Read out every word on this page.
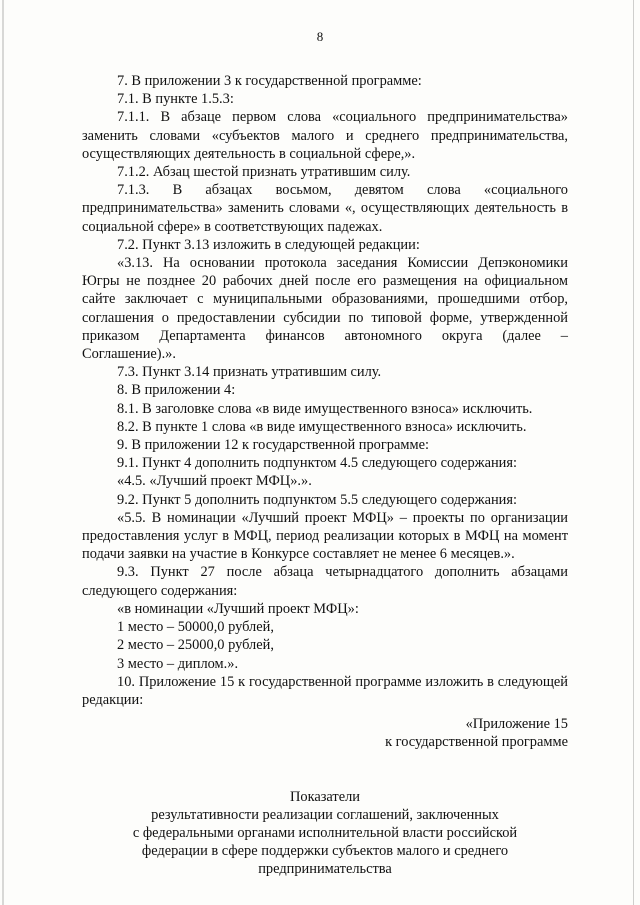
8

7. В приложении 3 к государственной программе:

7.1. В пункте 1.5.3:

7.1.1. В абзаце первом слова «социального предпринимательства» заменить словами «субъектов малого и среднего предпринимательства, осуществляющих деятельность в социальной сфере,».

7.1.2. Абзац шестой признать утратившим силу.

7.1.3. В абзацах восьмом, девятом слова «социального предпринимательства» заменить словами «, осуществляющих деятельность в социальной сфере» в соответствующих падежах.

7.2. Пункт 3.13 изложить в следующей редакции:

«3.13. На основании протокола заседания Комиссии Депэкономики Югры не позднее 20 рабочих дней после его размещения на официальном сайте заключает с муниципальными образованиями, прошедшими отбор, соглашения о предоставлении субсидии по типовой форме, утвержденной приказом Департамента финансов автономного округа (далее – Соглашение).».

7.3. Пункт 3.14 признать утратившим силу.

8. В приложении 4:

8.1. В заголовке слова «в виде имущественного взноса» исключить.

8.2. В пункте 1 слова «в виде имущественного взноса» исключить.

9. В приложении 12 к государственной программе:

9.1. Пункт 4 дополнить подпунктом 4.5 следующего содержания:

«4.5. «Лучший проект МФЦ».».

9.2. Пункт 5 дополнить подпунктом 5.5 следующего содержания:

«5.5. В номинации «Лучший проект МФЦ» – проекты по организации предоставления услуг в МФЦ, период реализации которых в МФЦ на момент подачи заявки на участие в Конкурсе составляет не менее 6 месяцев.».

9.3. Пункт 27 после абзаца четырнадцатого дополнить абзацами следующего содержания:

«в номинации «Лучший проект МФЦ»:

1 место – 50000,0 рублей,

2 место – 25000,0 рублей,

3 место – диплом.».

10. Приложение 15 к государственной программе изложить в следующей редакции:

«Приложение 15

к государственной программе

Показатели
результативности реализации соглашений, заключенных
с федеральными органами исполнительной власти российской
федерации в сфере поддержки субъектов малого и среднего
предпринимательства
